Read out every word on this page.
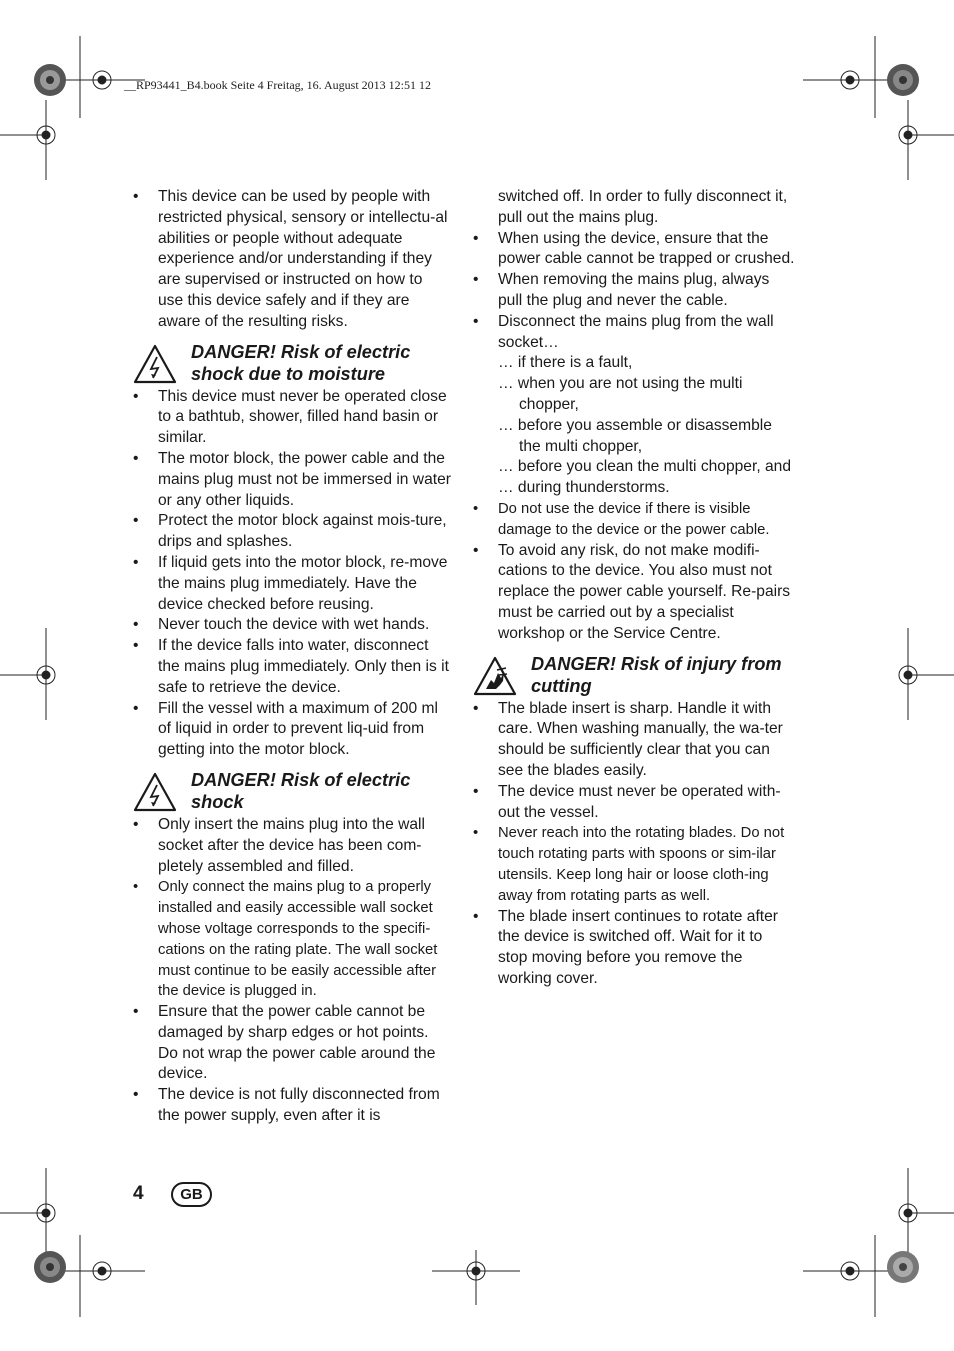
__RP93441_B4.book Seite 4 Freitag, 16. August 2013 12:51 12
• This device can be used by people with restricted physical, sensory or intellectu-al abilities or people without adequate experience and/or understanding if they are supervised or instructed on how to use this device safely and if they are aware of the resulting risks.
DANGER! Risk of electric shock due to moisture
• This device must never be operated close to a bathtub, shower, filled hand basin or similar.
• The motor block, the power cable and the mains plug must not be immersed in water or any other liquids.
• Protect the motor block against mois-ture, drips and splashes.
• If liquid gets into the motor block, re-move the mains plug immediately. Have the device checked before reusing.
• Never touch the device with wet hands.
• If the device falls into water, disconnect the mains plug immediately. Only then is it safe to retrieve the device.
• Fill the vessel with a maximum of 200 ml of liquid in order to prevent liq-uid from getting into the motor block.
DANGER! Risk of electric shock
• Only insert the mains plug into the wall socket after the device has been com-pletely assembled and filled.
• Only connect the mains plug to a properly installed and easily accessible wall socket whose voltage corresponds to the specifi-cations on the rating plate. The wall socket must continue to be easily accessible after the device is plugged in.
• Ensure that the power cable cannot be damaged by sharp edges or hot points. Do not wrap the power cable around the device.
• The device is not fully disconnected from the power supply, even after it is
switched off. In order to fully disconnect it, pull out the mains plug.
• When using the device, ensure that the power cable cannot be trapped or crushed.
• When removing the mains plug, always pull the plug and never the cable.
• Disconnect the mains plug from the wall socket…
… if there is a fault,
… when you are not using the multi chopper,
… before you assemble or disassemble the multi chopper,
… before you clean the multi chopper, and
… during thunderstorms.
• Do not use the device if there is visible damage to the device or the power cable.
• To avoid any risk, do not make modifi-cations to the device. You also must not replace the power cable yourself. Re-pairs must be carried out by a specialist workshop or the Service Centre.
DANGER! Risk of injury from cutting
• The blade insert is sharp. Handle it with care. When washing manually, the wa-ter should be sufficiently clear that you can see the blades easily.
• The device must never be operated with-out the vessel.
• Never reach into the rotating blades. Do not touch rotating parts with spoons or sim-ilar utensils. Keep long hair or loose cloth-ing away from rotating parts as well.
• The blade insert continues to rotate after the device is switched off. Wait for it to stop moving before you remove the working cover.
4	GB
